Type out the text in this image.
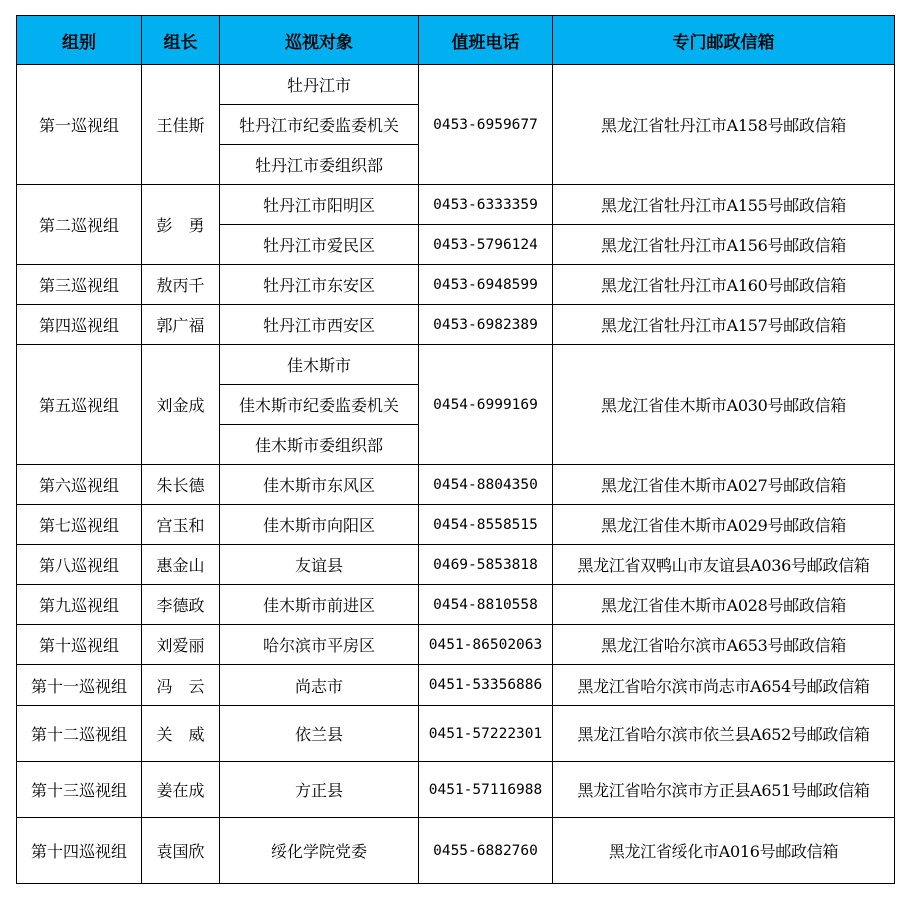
组别	组长	巡视对象	值班电话	专门邮政信箱
第一巡视组	王佳斯	牡丹江市	0453-6959677	黑龙江省牡丹江市A158号邮政信箱
		牡丹江市纪委监委机关		
		牡丹江市委组织部		
第二巡视组	彭　勇	牡丹江市阳明区	0453-6333359	黑龙江省牡丹江市A155号邮政信箱
		牡丹江市爱民区	0453-5796124	黑龙江省牡丹江市A156号邮政信箱
第三巡视组	敖丙千	牡丹江市东安区	0453-6948599	黑龙江省牡丹江市A160号邮政信箱
第四巡视组	郭广福	牡丹江市西安区	0453-6982389	黑龙江省牡丹江市A157号邮政信箱
第五巡视组	刘金成	佳木斯市	0454-6999169	黑龙江省佳木斯市A030号邮政信箱
		佳木斯市纪委监委机关		
		佳木斯市委组织部		
第六巡视组	朱长德	佳木斯市东风区	0454-8804350	黑龙江省佳木斯市A027号邮政信箱
第七巡视组	宫玉和	佳木斯市向阳区	0454-8558515	黑龙江省佳木斯市A029号邮政信箱
第八巡视组	惠金山	友谊县	0469-5853818	黑龙江省双鸭山市友谊县A036号邮政信箱
第九巡视组	李德政	佳木斯市前进区	0454-8810558	黑龙江省佳木斯市A028号邮政信箱
第十巡视组	刘爱丽	哈尔滨市平房区	0451-86502063	黑龙江省哈尔滨市A653号邮政信箱
第十一巡视组	冯　云	尚志市	0451-53356886	黑龙江省哈尔滨市尚志市A654号邮政信箱
第十二巡视组	关　威	依兰县	0451-57222301	黑龙江省哈尔滨市依兰县A652号邮政信箱
第十三巡视组	姜在成	方正县	0451-57116988	黑龙江省哈尔滨市方正县A651号邮政信箱
第十四巡视组	袁国欣	绥化学院党委	0455-6882760	黑龙江省绥化市A016号邮政信箱
